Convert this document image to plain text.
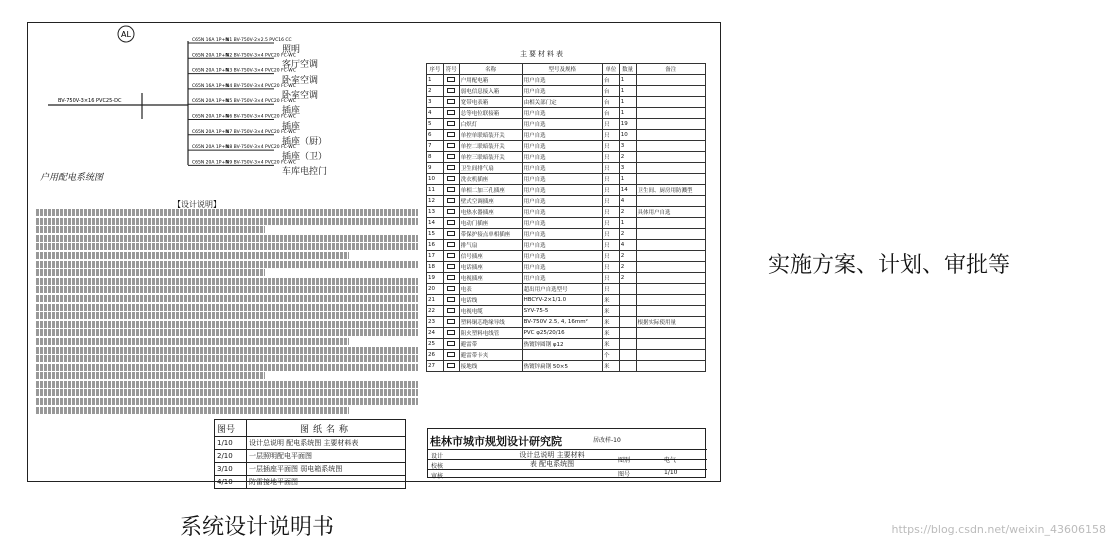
AL
C65N 16A 1P+N
N1 BV-750V-2×2.5 PVC16 CC
C65N 20A 1P+N
N2 BV-750V-3×4 PVC20 FC-WC
C65N 20A 1P+N
N3 BV-750V-3×4 PVC20 FC-WC
C65N 16A 1P+N
N4 BV-750V-3×4 PVC20 FC-WC
C65N 20A 1P+N
N5 BV-750V-3×4 PVC20 FC-WC
C65N 20A 1P+N
N6 BV-750V-3×4 PVC20 FC-WC
C65N 20A 1P+N
N7 BV-750V-3×4 PVC20 FC-WC
C65N 20A 1P+N
N8 BV-750V-3×4 PVC20 FC-WC
C65N 20A 1P+N
N9 BV-750V-3×4 PVC20 FC-WC
BV-750V-3×16 PVC25-DC
照明
客厅空调
卧室空调
卧室空调
插座
插座
插座（厨）
插座（卫）
车库电控门
户用配电系统图
【设计说明】
图号	图纸名称
1/10	设计总说明 配电系统图 主要材料表
2/10	一层照明配电平面图
3/10	一层插座平面图 弱电箱系统图
4/10	防雷接地平面图
主要材料表
序号	符号	名称	型号及规格	单位	数量	备注
1		户用配电箱	用户自选	台	1	
2		弱电信息接入箱	用户自选	台	1	
3		宽带电表箱	由相关部门定	台	1	
4		总等电位联接箱	用户自选	台	1	
5		白炽灯	用户自选	只	19	
6		单控单联暗装开关	用户自选	只	10	
7		单控二联暗装开关	用户自选	只	3	
8		单控三联暗装开关	用户自选	只	2	
9		卫生间排气扇	用户自选	只	3	
10		洗衣机插座	用户自选	只	1	
11		单相二加三孔插座	用户自选	只	14	卫生间、厨房用防溅型
12		壁式空调插座	用户自选	只	4	
13		电热水器插座	用户自选	只	2	具体用户自选
14		电动门插座	用户自选	只	1	
15		带保护接点单相插座	用户自选	只	2	
16		排气扇	用户自选	只	4	
17		信号插座	用户自选	只	2	
18		电话插座	用户自选	只	2	
19		电视插座	用户自选	只	2	
20		电表	超出用户自选型号	只		
21		电话线	HBCYV-2×1/1.0	米		
22		电视电缆	SYV-75-5	米		
23		塑料铜芯绝缘导线	BV-750V 2.5, 4, 16mm²	米		根据实际使用量
24		阻火塑料电线管	PVC φ25/20/16	米		
25		避雷带	热镀锌圆钢 φ12	米		
26		避雷带卡夹		个		
27		接地线	热镀锌扁钢 50×5	米		
桂林市城市规划设计研究院	居改样-10
设计
校核
审核
设计总说明 主要材料表 配电系统图	图别	电气
图号	1/10
实施方案、计划、审批等
系统设计说明书	https://blog.csdn.net/weixin_43606158
